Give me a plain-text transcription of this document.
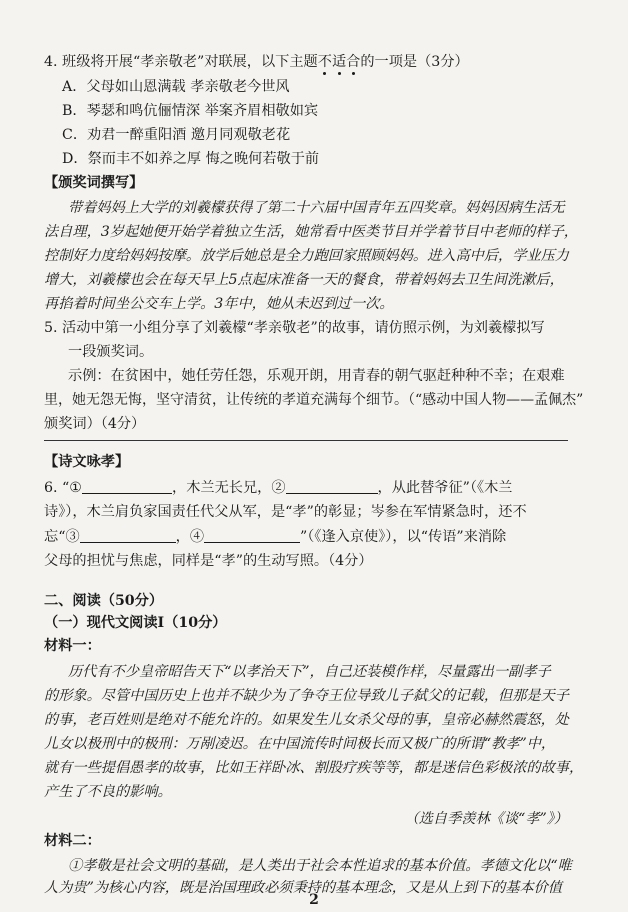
4. 班级将开展“孝亲敬老”对联展，以下主题不适合的一项是（3分）
A．父母如山恩满载 孝亲敬老今世风
B．琴瑟和鸣伉俪情深 举案齐眉相敬如宾
C．劝君一醉重阳酒 邀月同观敬老花
D．祭而丰不如养之厚 悔之晚何若敬于前
【颁奖词撰写】
带着妈妈上大学的刘羲檬获得了第二十六届中国青年五四奖章。妈妈因病生活无
法自理，3岁起她便开始学着独立生活，她常看中医类节目并学着节目中老师的样子，
控制好力度给妈妈按摩。放学后她总是全力跑回家照顾妈妈。进入高中后，学业压力
增大，刘羲檬也会在每天早上5点起床准备一天的餐食，带着妈妈去卫生间洗漱后，
再掐着时间坐公交车上学。3年中，她从未迟到过一次。
5. 活动中第一小组分享了刘羲檬“孝亲敬老”的故事，请仿照示例，为刘羲檬拟写
一段颁奖词。
示例：在贫困中，她任劳任怨，乐观开朗，用青春的朝气驱赶种种不幸；在艰难
里，她无怨无悔，坚守清贫，让传统的孝道充满每个细节。（“感动中国人物——孟佩杰”
颁奖词）（4分）
【诗文咏孝】
6. “①	，木兰无长兄，②	，从此替爷征”（《木兰
诗》），木兰肩负家国责任代父从军，是“孝”的彰显；岑参在军情紧急时，还不
忘“③	，④	”（《逢入京使》），以“传语”来消除
父母的担忧与焦虑，同样是“孝”的生动写照。（4分）
二、阅读（50分）
（一）现代文阅读Ⅰ（10分）
材料一：
历代有不少皇帝昭告天下“以孝治天下”，自己还装模作样，尽量露出一副孝子
的形象。尽管中国历史上也并不缺少为了争夺王位导致儿子弑父的记载，但那是天子
的事，老百姓则是绝对不能允许的。如果发生儿女杀父母的事，皇帝必赫然震怒，处
儿女以极刑中的极刑：万剐凌迟。在中国流传时间极长而又极广的所谓“教孝”中，
就有一些提倡愚孝的故事，比如王祥卧冰、割股疗疾等等，都是迷信色彩极浓的故事，
产生了不良的影响。
（选自季羡林《谈“孝”》）
材料二：
①孝敬是社会文明的基础，是人类出于社会本性追求的基本价值。孝德文化以“唯
人为贵”为核心内容，既是治国理政必须秉持的基本理念，又是从上到下的基本价值
2
